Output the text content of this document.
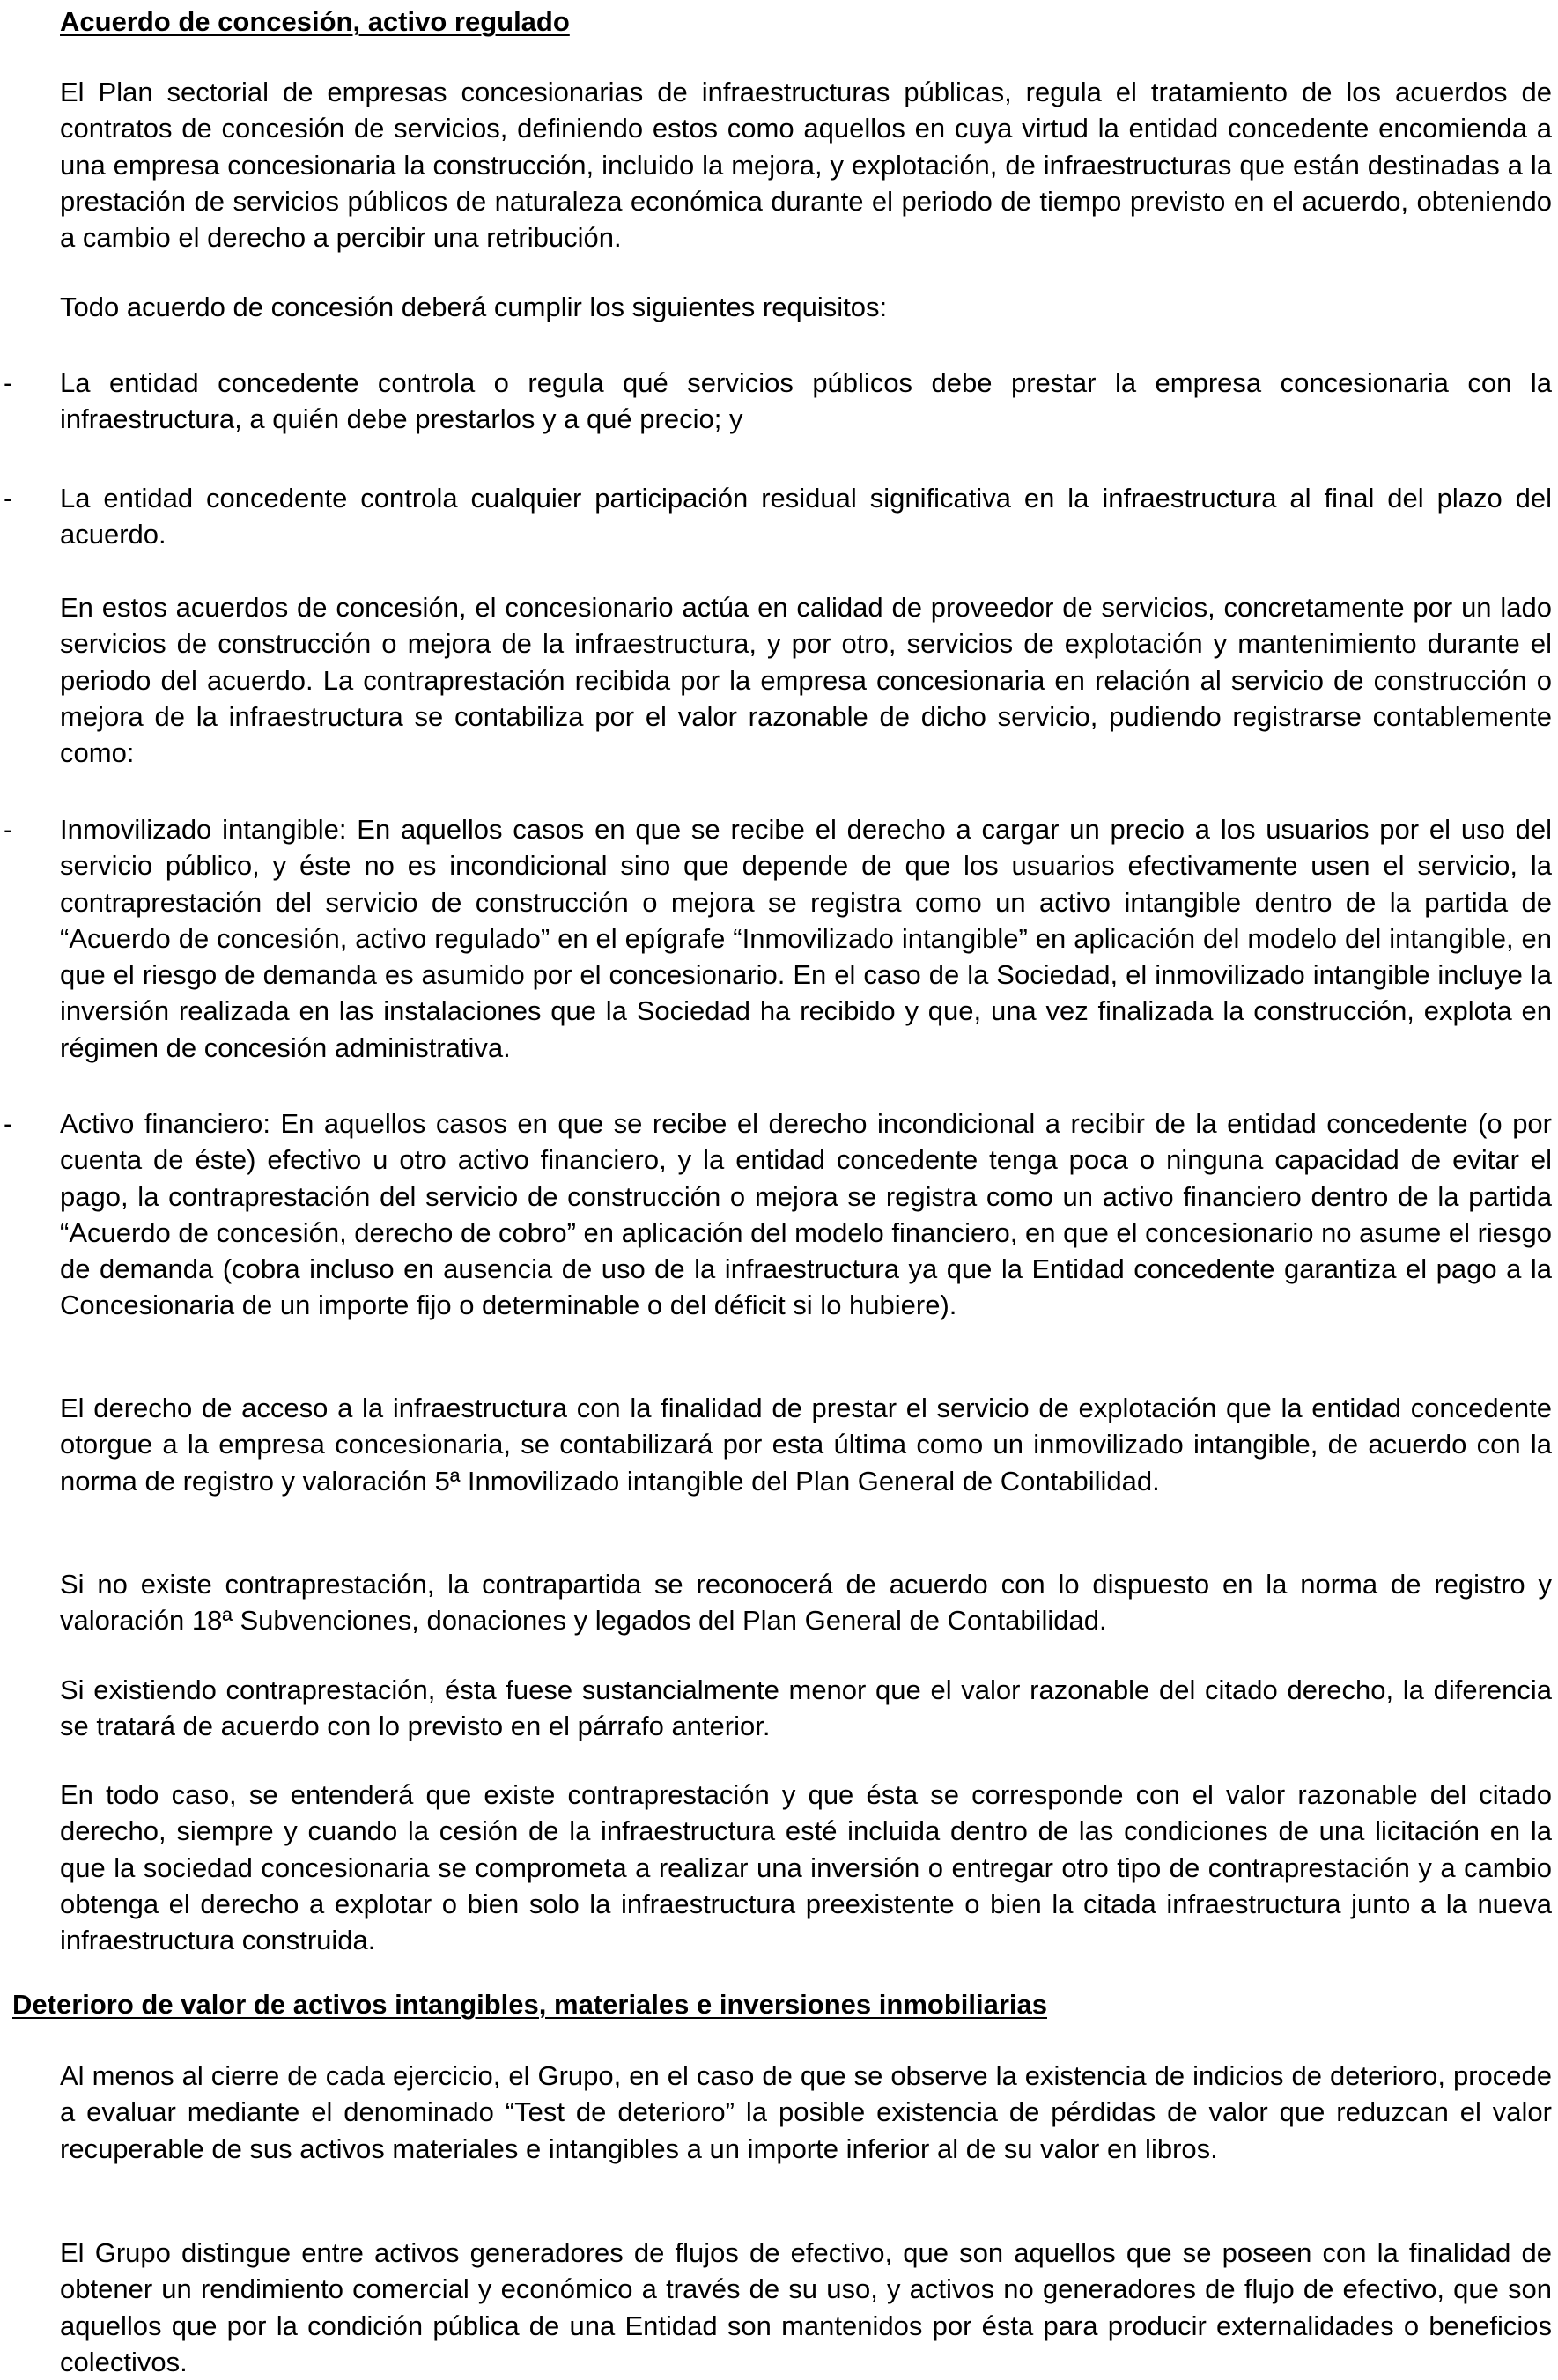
Acuerdo de concesión, activo regulado

El Plan sectorial de empresas concesionarias de infraestructuras públicas, regula el tratamiento de los acuerdos de contratos de concesión de servicios, definiendo estos como aquellos en cuya virtud la entidad concedente encomienda a una empresa concesionaria la construcción, incluido la mejora, y explotación, de infraestructuras que están destinadas a la prestación de servicios públicos de naturaleza económica durante el periodo de tiempo previsto en el acuerdo, obteniendo a cambio el derecho a percibir una retribución.

Todo acuerdo de concesión deberá cumplir los siguientes requisitos:

- La entidad concedente controla o regula qué servicios públicos debe prestar la empresa concesionaria con la infraestructura, a quién debe prestarlos y a qué precio; y

- La entidad concedente controla cualquier participación residual significativa en la infraestructura al final del plazo del acuerdo.

En estos acuerdos de concesión, el concesionario actúa en calidad de proveedor de servicios, concretamente por un lado servicios de construcción o mejora de la infraestructura, y por otro, servicios de explotación y mantenimiento durante el periodo del acuerdo. La contraprestación recibida por la empresa concesionaria en relación al servicio de construcción o mejora de la infraestructura se contabiliza por el valor razonable de dicho servicio, pudiendo registrarse contablemente como:

- Inmovilizado intangible: En aquellos casos en que se recibe el derecho a cargar un precio a los usuarios por el uso del servicio público, y éste no es incondicional sino que depende de que los usuarios efectivamente usen el servicio, la contraprestación del servicio de construcción o mejora se registra como un activo intangible dentro de la partida de “Acuerdo de concesión, activo regulado” en el epígrafe “Inmovilizado intangible” en aplicación del modelo del intangible, en que el riesgo de demanda es asumido por el concesionario. En el caso de la Sociedad, el inmovilizado intangible incluye la inversión realizada en las instalaciones que la Sociedad ha recibido y que, una vez finalizada la construcción, explota en régimen de concesión administrativa.

- Activo financiero: En aquellos casos en que se recibe el derecho incondicional a recibir de la entidad concedente (o por cuenta de éste) efectivo u otro activo financiero, y la entidad concedente tenga poca o ninguna capacidad de evitar el pago, la contraprestación del servicio de construcción o mejora se registra como un activo financiero dentro de la partida “Acuerdo de concesión, derecho de cobro” en aplicación del modelo financiero, en que el concesionario no asume el riesgo de demanda (cobra incluso en ausencia de uso de la infraestructura ya que la Entidad concedente garantiza el pago a la Concesionaria de un importe fijo o determinable o del déficit si lo hubiere).

El derecho de acceso a la infraestructura con la finalidad de prestar el servicio de explotación que la entidad concedente otorgue a la empresa concesionaria, se contabilizará por esta última como un inmovilizado intangible, de acuerdo con la norma de registro y valoración 5ª Inmovilizado intangible del Plan General de Contabilidad.

Si no existe contraprestación, la contrapartida se reconocerá de acuerdo con lo dispuesto en la norma de registro y valoración 18ª Subvenciones, donaciones y legados del Plan General de Contabilidad.

Si existiendo contraprestación, ésta fuese sustancialmente menor que el valor razonable del citado derecho, la diferencia se tratará de acuerdo con lo previsto en el párrafo anterior.

En todo caso, se entenderá que existe contraprestación y que ésta se corresponde con el valor razonable del citado derecho, siempre y cuando la cesión de la infraestructura esté incluida dentro de las condiciones de una licitación en la que la sociedad concesionaria se comprometa a realizar una inversión o entregar otro tipo de contraprestación y a cambio obtenga el derecho a explotar o bien solo la infraestructura preexistente o bien la citada infraestructura junto a la nueva infraestructura construida.

Deterioro de valor de activos intangibles, materiales e inversiones inmobiliarias

Al menos al cierre de cada ejercicio, el Grupo, en el caso de que se observe la existencia de indicios de deterioro, procede a evaluar mediante el denominado “Test de deterioro” la posible existencia de pérdidas de valor que reduzcan el valor recuperable de sus activos materiales e intangibles a un importe inferior al de su valor en libros.

El Grupo distingue entre activos generadores de flujos de efectivo, que son aquellos que se poseen con la finalidad de obtener un rendimiento comercial y económico a través de su uso, y activos no generadores de flujo de efectivo, que son aquellos que por la condición pública de una Entidad son mantenidos por ésta para producir externalidades o beneficios colectivos.
